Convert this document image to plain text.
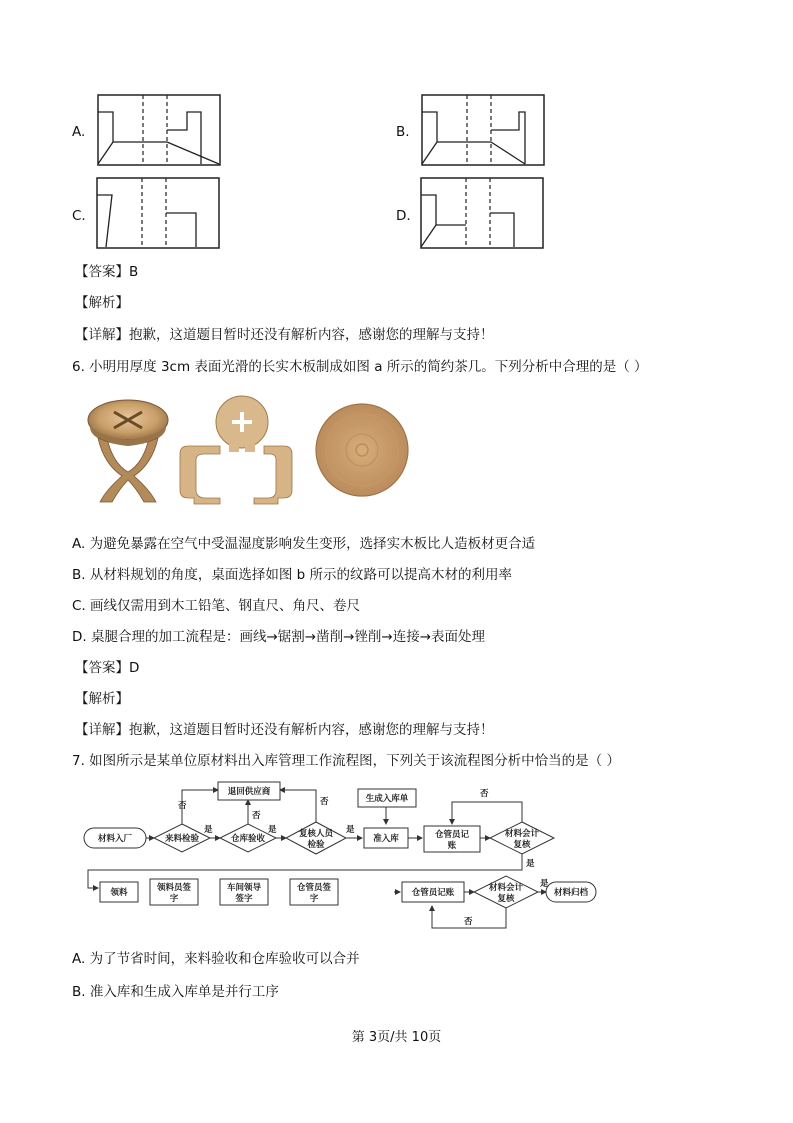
A.	B.
C.	D.
【答案】B
【解析】
【详解】抱歉，这道题目暂时还没有解析内容，感谢您的理解与支持！
6. 小明用厚度 3cm 表面光滑的长实木板制成如图 a 所示的简约茶几。下列分析中合理的是（ ）
A. 为避免暴露在空气中受温湿度影响发生变形，选择实木板比人造板材更合适
B. 从材料规划的角度，桌面选择如图 b 所示的纹路可以提高木材的利用率
C. 画线仅需用到木工铅笔、钢直尺、角尺、卷尺
D. 桌腿合理的加工流程是：画线→锯割→凿削→锉削→连接→表面处理
【答案】D
【解析】
【详解】抱歉，这道题目暂时还没有解析内容，感谢您的理解与支持！
7. 如图所示是某单位原材料出入库管理工作流程图，下列关于该流程图分析中恰当的是（ ）
材料入厂	来料检验
退回供应商
仓库验收	复核人员
检验
生成入库单
准入库	仓管员记
账
材料会计
复核
领料	领料员签
字
车间领导
签字
仓管员签
字
仓管员记账	材料会计
复核
材料归档
否
是
否
是
否
是
否
是
是
否
A. 为了节省时间，来料验收和仓库验收可以合并
B. 准入库和生成入库单是并行工序
第 3页/共 10页
